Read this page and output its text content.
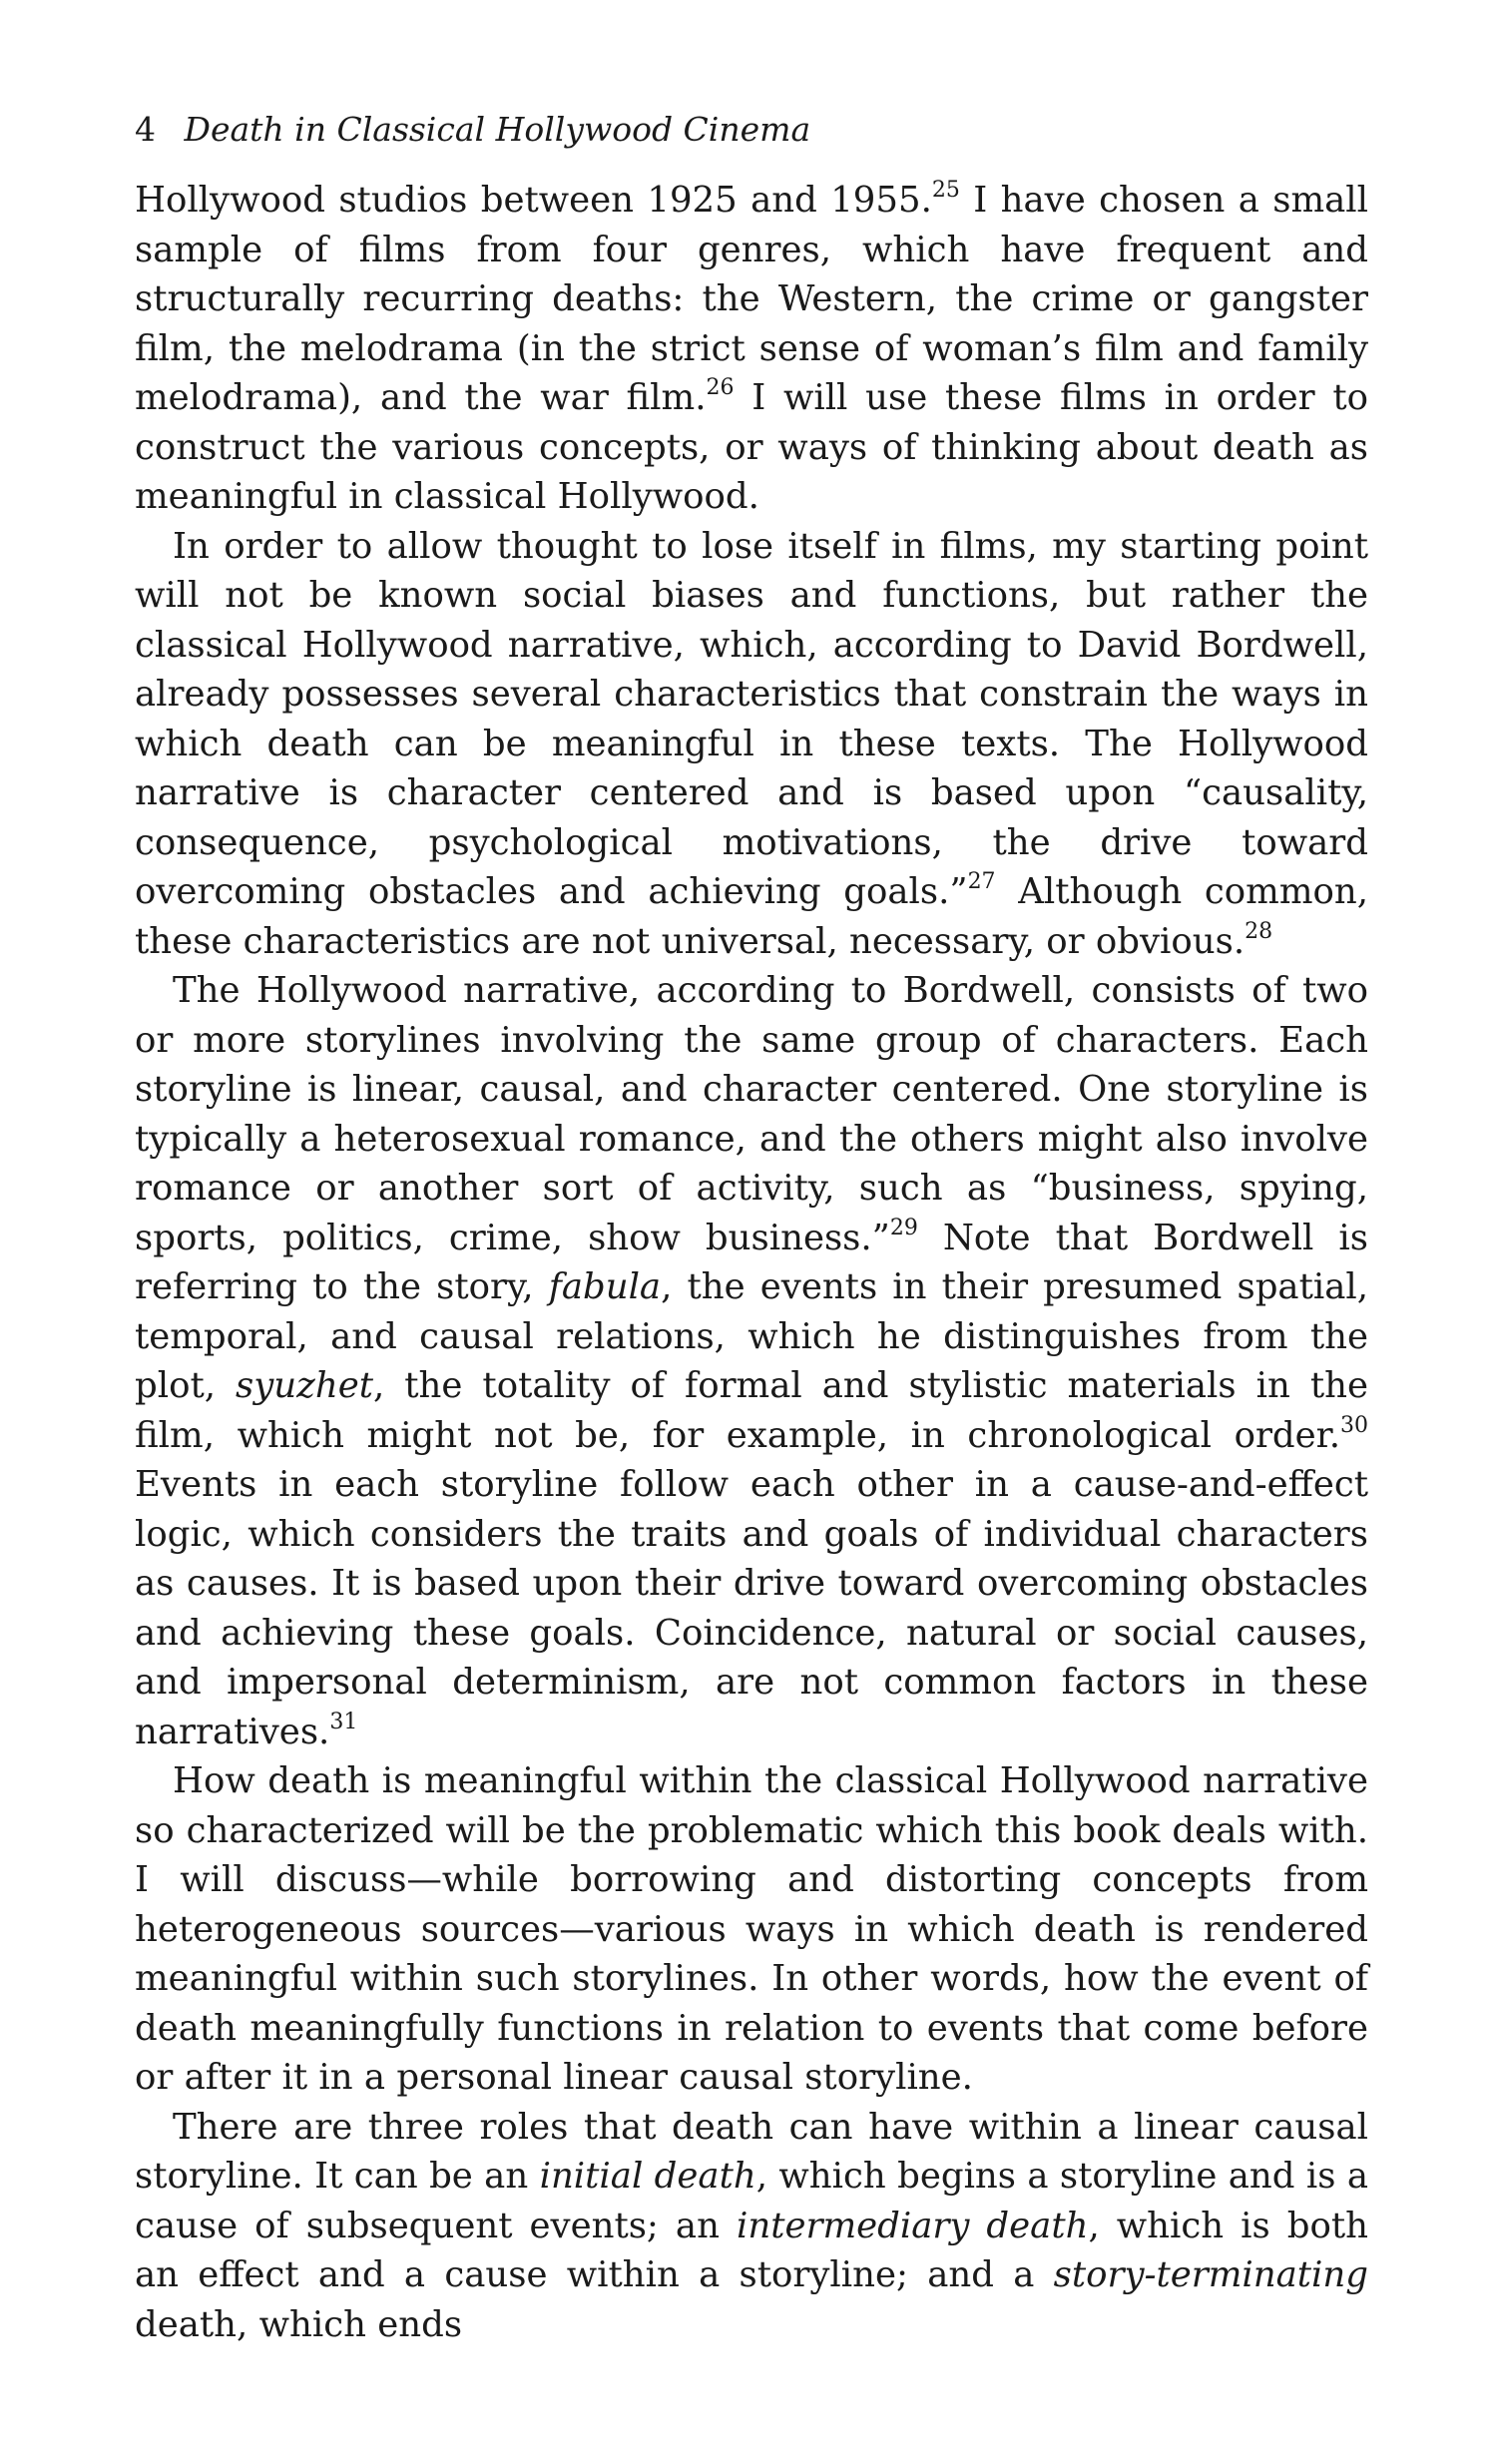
4 Death in Classical Hollywood Cinema

Hollywood studios between 1925 and 1955.25 I have chosen a small sample of films from four genres, which have frequent and structurally recurring deaths: the Western, the crime or gangster film, the melodrama (in the strict sense of woman’s film and family melodrama), and the war film.$^{26}$ I will use these films in order to construct the various concepts, or ways of thinking about death as meaningful in classical Hollywood.

In order to allow thought to lose itself in films, my starting point will not be known social biases and functions, but rather the classical Hollywood narrative, which, according to David Bordwell, already possesses several characteristics that constrain the ways in which death can be meaningful in these texts. The Hollywood narrative is character centered and is based upon “causality, consequence, psychological motivations, the drive toward overcoming obstacles and achieving goals.”$^{27}$ Although common, these characteristics are not universal, necessary, or obvious.$^{28}$

The Hollywood narrative, according to Bordwell, consists of two or more storylines involving the same group of characters. Each storyline is linear, causal, and character centered. One storyline is typically a heterosexual romance, and the others might also involve romance or another sort of activity, such as “business, spying, sports, politics, crime, show business.”$^{29}$ Note that Bordwell is referring to the story, fabula, the events in their presumed spatial, temporal, and causal relations, which he distinguishes from the plot, syuzhet, the totality of formal and stylistic materials in the film, which might not be, for example, in chronological order.$^{30}$ Events in each storyline follow each other in a cause-and-effect logic, which considers the traits and goals of individual characters as causes. It is based upon their drive toward overcoming obstacles and achieving these goals. Coincidence, natural or social causes, and impersonal determinism, are not common factors in these narratives.$^{31}$

How death is meaningful within the classical Hollywood narrative so characterized will be the problematic which this book deals with. I will discuss—while borrowing and distorting concepts from heterogeneous sources—various ways in which death is rendered meaningful within such storylines. In other words, how the event of death meaningfully functions in relation to events that come before or after it in a personal linear causal storyline.

There are three roles that death can have within a linear causal storyline. It can be an initial death, which begins a storyline and is a cause of subsequent events; an intermediary death, which is both an effect and a cause within a storyline; and a story-terminating death, which ends
